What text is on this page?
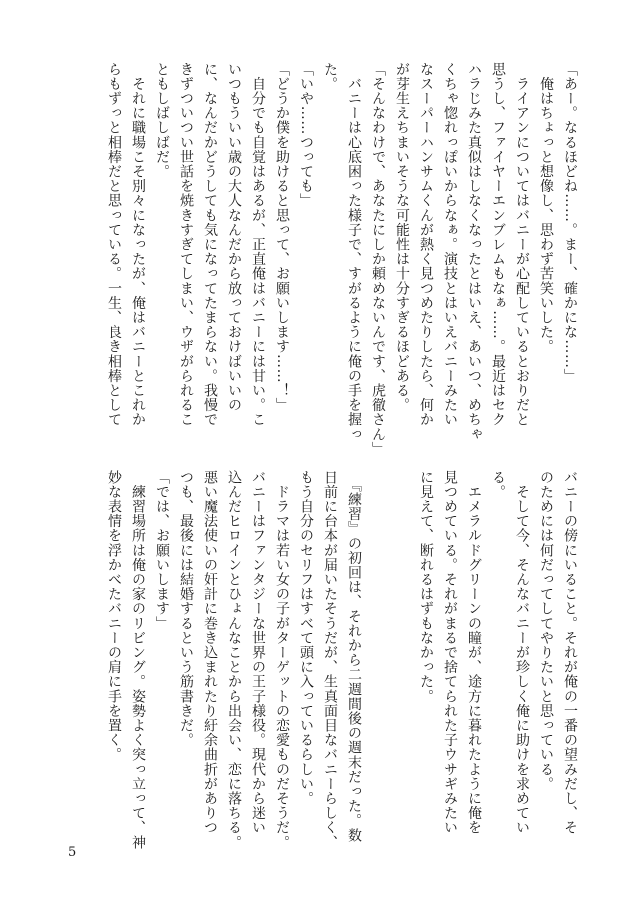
「あー。なるほどね……。まー、確かにな……」
　俺はちょっと想像し、思わず苦笑いした。
　ライアンについてはバニーが心配しているとおりだと
思うし、ファイヤーエンブレムもなぁ……。最近はセク
ハラじみた真似はしなくなったとはいえ、あいつ、めちゃ
くちゃ惚れっぽいからなぁ。演技とはいえバニーみたい
なスーパーハンサムくんが熱く見つめたりしたら、何か
が芽生えちまいそうな可能性は十分すぎるほどある。
「そんなわけで、あなたにしか頼めないんです、虎徹さん」
　バニーは心底困った様子で、すがるように俺の手を握っ
た。
「いや……つっても」
「どうか僕を助けると思って、お願いします……！」
　自分でも自覚はあるが、正直俺はバニーには甘い。こ
いつもういい歳の大人なんだから放っておけばいいの
に、なんだかどうしても気になってたまらない。我慢で
きずついつい世話を焼きすぎてしまい、ウザがられるこ
ともしばしばだ。
　それに職場こそ別々になったが、俺はバニーとこれか
らもずっと相棒だと思っている。一生、良き相棒として
バニーの傍にいること。それが俺の一番の望みだし、そ
のためには何だってしてやりたいと思っている。
　そして今、そんなバニーが珍しく俺に助けを求めてい
る。
　エメラルドグリーンの瞳が、途方に暮れたように俺を
見つめている。それがまるで捨てられた子ウサギみたい
に見えて、断れるはずもなかった。

　『練習』の初回は、それから二週間後の週末だった。数
日前に台本が届いたそうだが、生真面目なバニーらしく、
もう自分のセリフはすべて頭に入っているらしい。
　ドラマは若い女の子がターゲットの恋愛ものだそうだ。
バニーはファンタジーな世界の王子様役。現代から迷い
込んだヒロインとひょんなことから出会い、恋に落ちる。
悪い魔法使いの奸計に巻き込まれたり紆余曲折がありつ
つも、最後には結婚するという筋書きだ。
「では、お願いします」
　練習場所は俺の家のリビング。姿勢よく突っ立って、神
妙な表情を浮かべたバニーの肩に手を置く。
5
